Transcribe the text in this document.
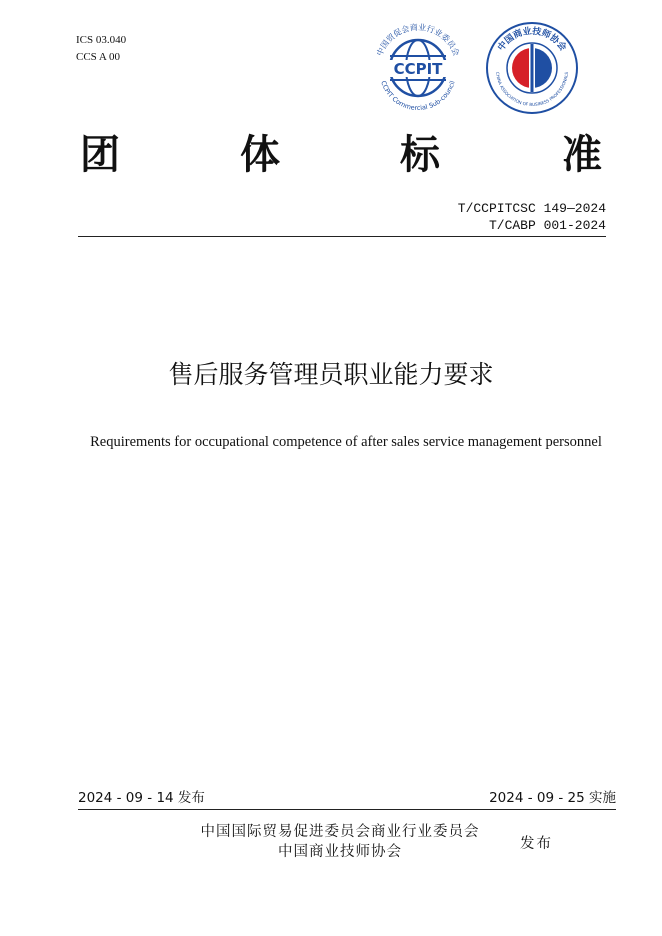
ICS 03.040
CCS A 00
CCPIT
中国贸促会商业行业委员会
CCPIT Commercial Sub-council
中国商业技师协会
CHINA ASSOCIATION OF BUSINESS PROFESSIONALS
团	体	标	准
T/CCPITCSC 149—2024
T/CABP 001-2024
售后服务管理员职业能力要求
Requirements for occupational competence of after sales service management personnel
2024 - 09 - 14 发布	2024 - 09 - 25 实施
中国国际贸易促进委员会商业行业委员会
中国商业技师协会	发布
